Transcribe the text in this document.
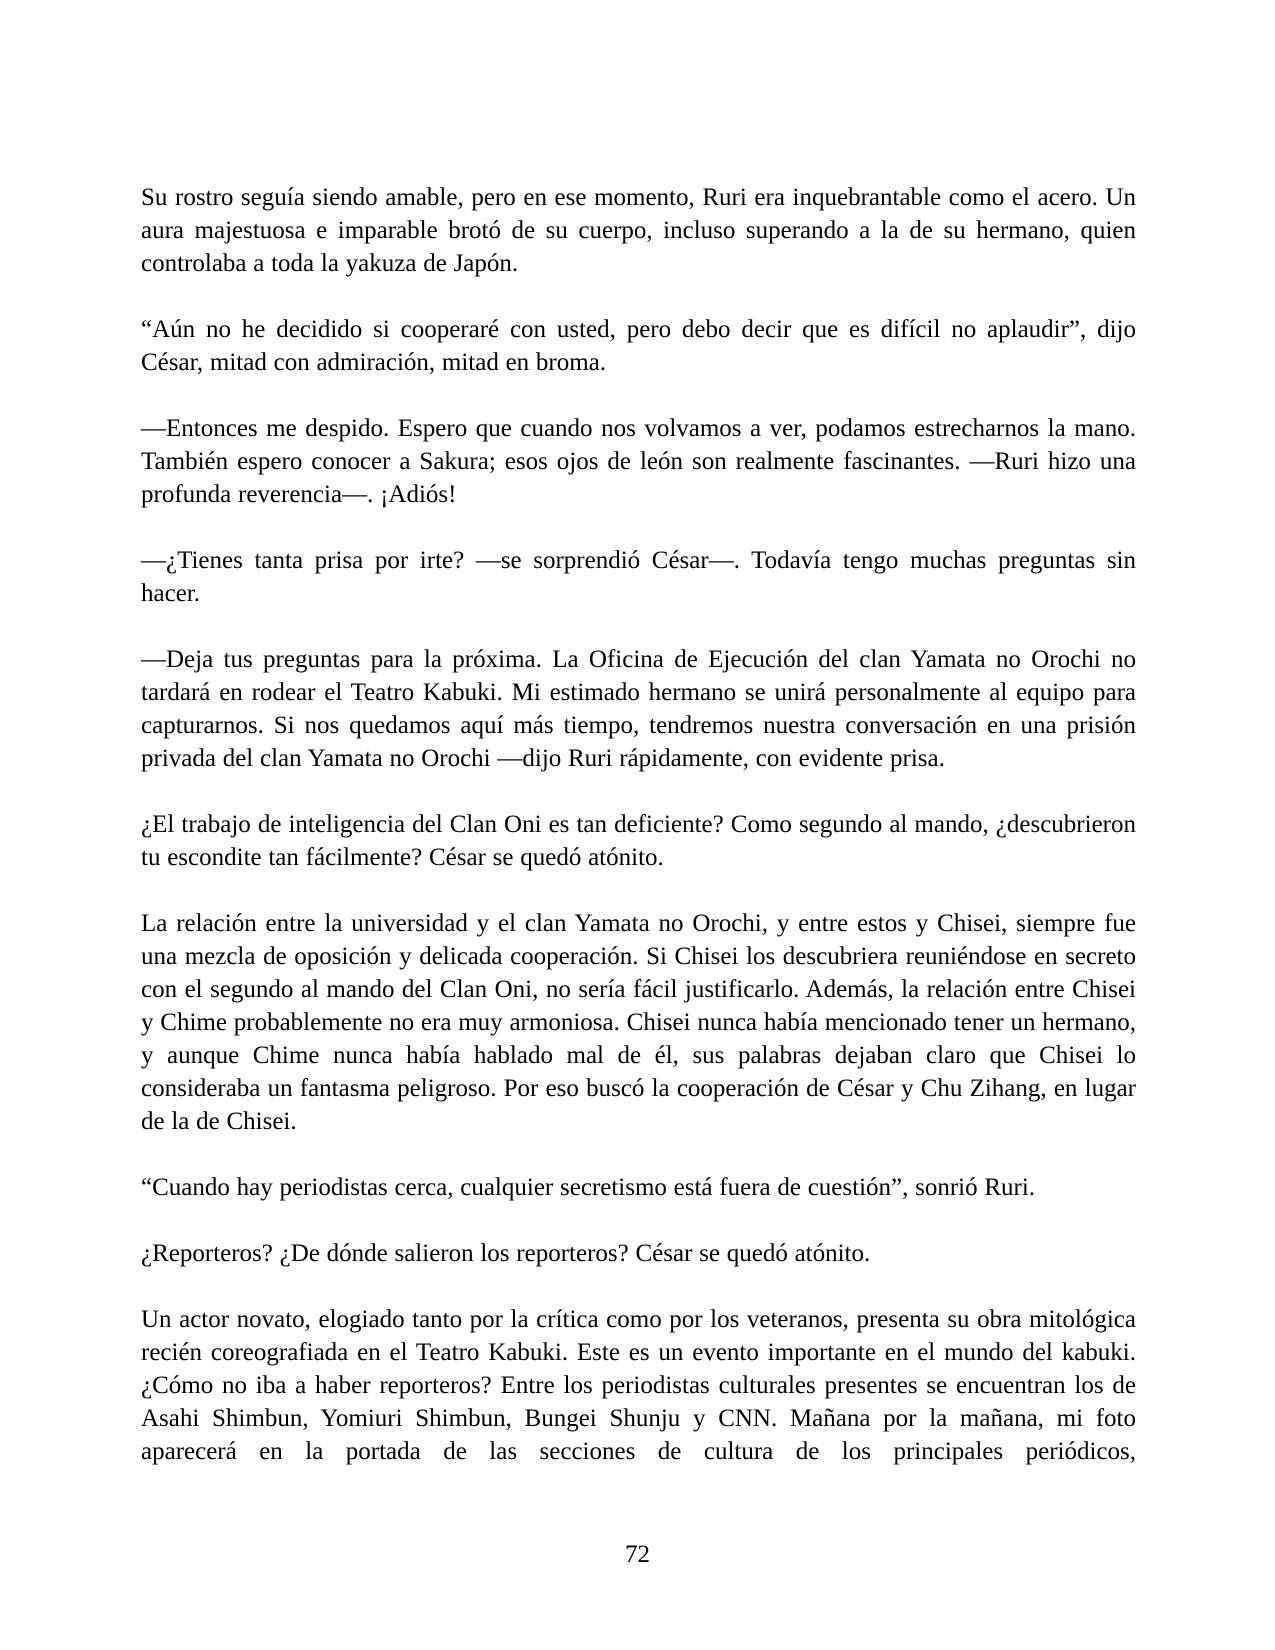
Su rostro seguía siendo amable, pero en ese momento, Ruri era inquebrantable como el acero. Un aura majestuosa e imparable brotó de su cuerpo, incluso superando a la de su hermano, quien controlaba a toda la yakuza de Japón.

“Aún no he decidido si cooperaré con usted, pero debo decir que es difícil no aplaudir”, dijo César, mitad con admiración, mitad en broma.

—Entonces me despido. Espero que cuando nos volvamos a ver, podamos estrecharnos la mano. También espero conocer a Sakura; esos ojos de león son realmente fascinantes. —Ruri hizo una profunda reverencia—. ¡Adiós!

—¿Tienes tanta prisa por irte? —se sorprendió César—. Todavía tengo muchas preguntas sin hacer.

—Deja tus preguntas para la próxima. La Oficina de Ejecución del clan Yamata no Orochi no tardará en rodear el Teatro Kabuki. Mi estimado hermano se unirá personalmente al equipo para capturarnos. Si nos quedamos aquí más tiempo, tendremos nuestra conversación en una prisión privada del clan Yamata no Orochi —dijo Ruri rápidamente, con evidente prisa.

¿El trabajo de inteligencia del Clan Oni es tan deficiente? Como segundo al mando, ¿descubrieron tu escondite tan fácilmente? César se quedó atónito.

La relación entre la universidad y el clan Yamata no Orochi, y entre estos y Chisei, siempre fue una mezcla de oposición y delicada cooperación. Si Chisei los descubriera reuniéndose en secreto con el segundo al mando del Clan Oni, no sería fácil justificarlo. Además, la relación entre Chisei y Chime probablemente no era muy armoniosa. Chisei nunca había mencionado tener un hermano, y aunque Chime nunca había hablado mal de él, sus palabras dejaban claro que Chisei lo consideraba un fantasma peligroso. Por eso buscó la cooperación de César y Chu Zihang, en lugar de la de Chisei.

“Cuando hay periodistas cerca, cualquier secretismo está fuera de cuestión”, sonrió Ruri.

¿Reporteros? ¿De dónde salieron los reporteros? César se quedó atónito.

Un actor novato, elogiado tanto por la crítica como por los veteranos, presenta su obra mitológica recién coreografiada en el Teatro Kabuki. Este es un evento importante en el mundo del kabuki. ¿Cómo no iba a haber reporteros? Entre los periodistas culturales presentes se encuentran los de Asahi Shimbun, Yomiuri Shimbun, Bungei Shunju y CNN. Mañana por la mañana, mi foto aparecerá en la portada de las secciones de cultura de los principales periódicos,

72
